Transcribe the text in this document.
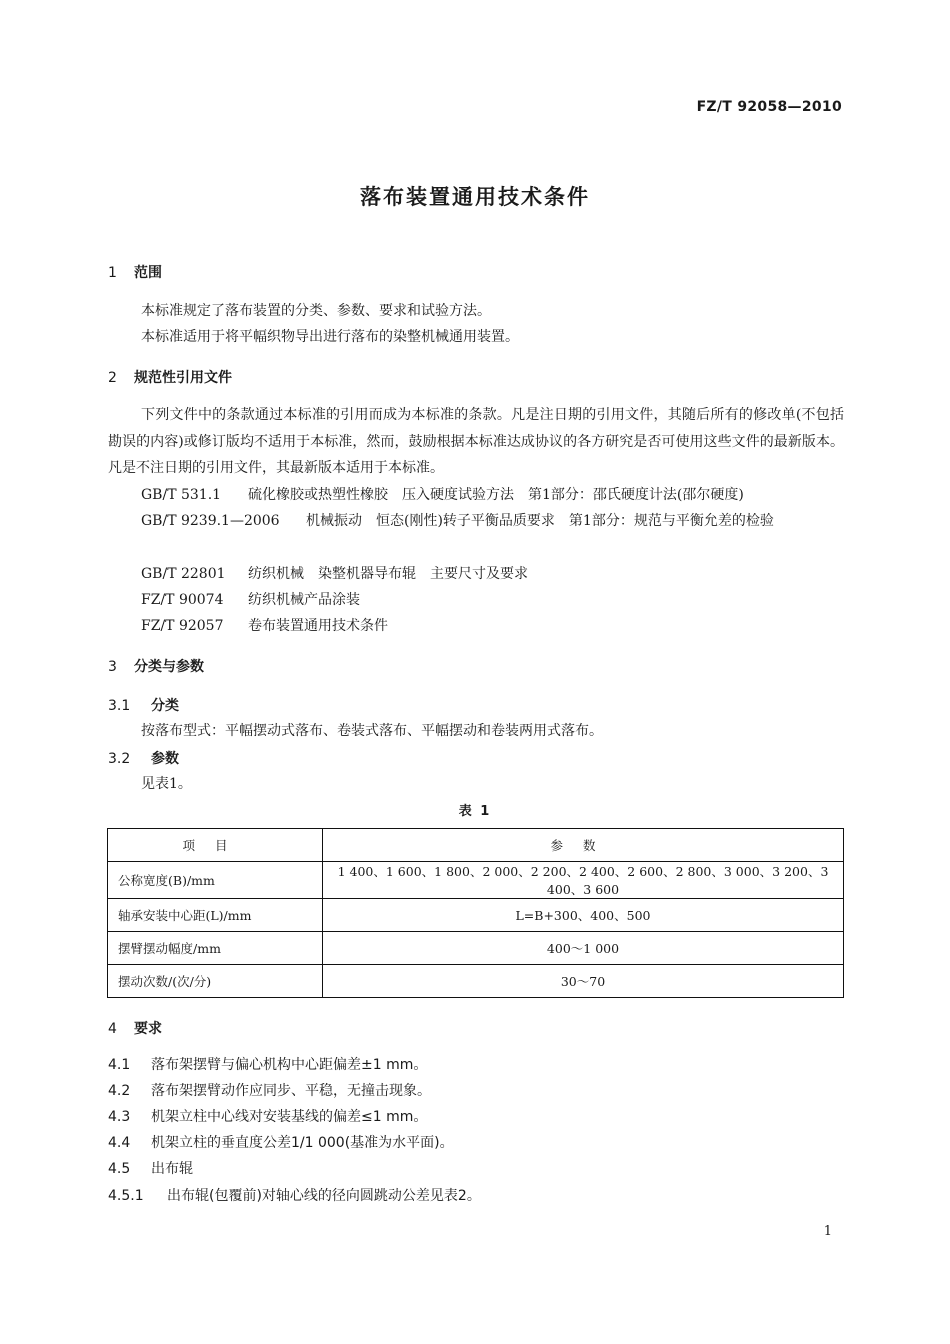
FZ/T 92058—2010
落布装置通用技术条件
1 范围
本标准规定了落布装置的分类、参数、要求和试验方法。
本标准适用于将平幅织物导出进行落布的染整机械通用装置。
2 规范性引用文件
下列文件中的条款通过本标准的引用而成为本标准的条款。凡是注日期的引用文件，其随后所有的修改单(不包括勘误的内容)或修订版均不适用于本标准，然而，鼓励根据本标准达成协议的各方研究是否可使用这些文件的最新版本。凡是不注日期的引用文件，其最新版本适用于本标准。
GB/T 531.1 硫化橡胶或热塑性橡胶　压入硬度试验方法　第1部分：邵氏硬度计法(邵尔硬度)
GB/T 9239.1—2006 机械振动　恒态(刚性)转子平衡品质要求　第1部分：规范与平衡允差的检验
GB/T 22801 纺织机械　染整机器导布辊　主要尺寸及要求
FZ/T 90074 纺织机械产品涂装
FZ/T 92057 卷布装置通用技术条件
3 分类与参数
3.1 分类
按落布型式：平幅摆动式落布、卷装式落布、平幅摆动和卷装两用式落布。
3.2 参数
见表1。
表 1
项目	参数
公称宽度(B)/mm	1 400、1 600、1 800、2 000、2 200、2 400、2 600、2 800、3 000、3 200、3 400、3 600
轴承安装中心距(L)/mm	L=B+300、400、500
摆臂摆动幅度/mm	400～1 000
摆动次数/(次/分)	30～70
4 要求
4.1 落布架摆臂与偏心机构中心距偏差±1 mm。
4.2 落布架摆臂动作应同步、平稳，无撞击现象。
4.3 机架立柱中心线对安装基线的偏差≤1 mm。
4.4 机架立柱的垂直度公差1/1 000(基准为水平面)。
4.5 出布辊
4.5.1 出布辊(包覆前)对轴心线的径向圆跳动公差见表2。
1
